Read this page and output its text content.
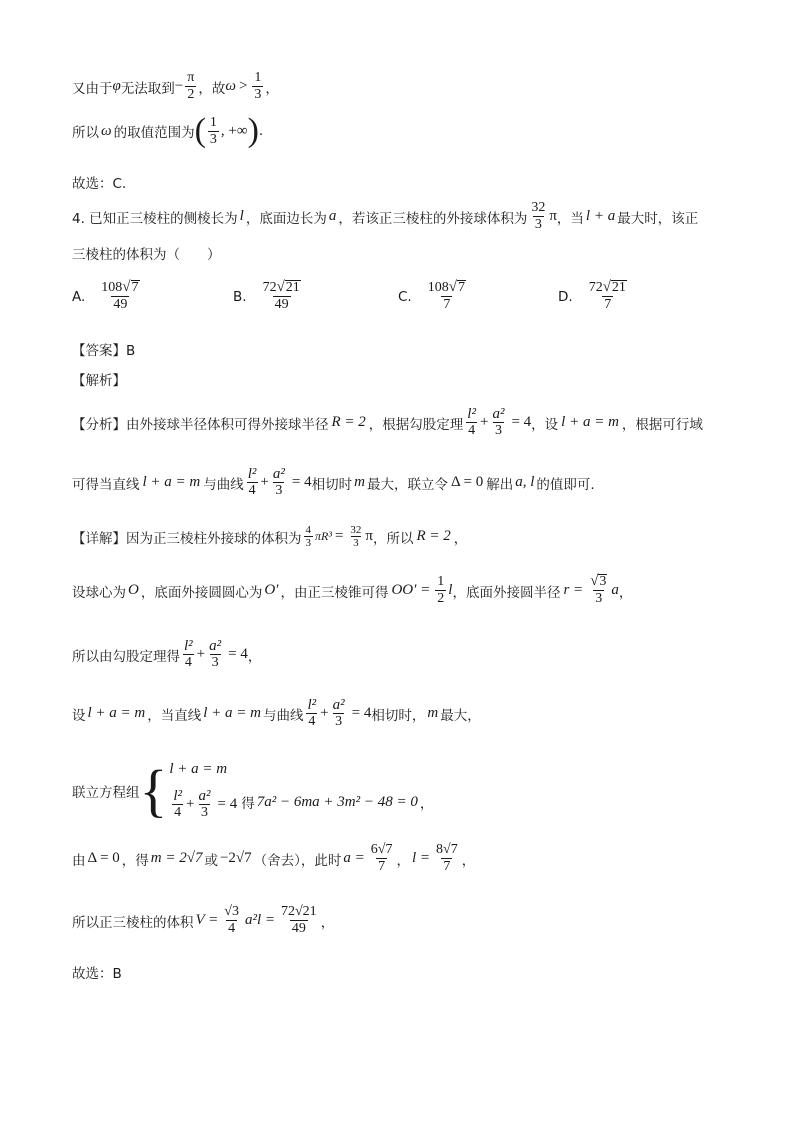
又由于 φ 无法取到 − $\frac{\pi}{2}$ ，故 $\omega > \frac{1}{3}$ ，
所以 ω 的取值范围为 ( $\frac{1}{3}$ , +∞ ) .
故选：C.
4. 已知正三棱柱的侧棱长为 l ，底面边长为 a ，若该正三棱柱的外接球体积为 $\frac{32}{3}$ π ，当 l + a 最大时，该正
三棱柱的体积为（　　）
A. $\frac{108 √ 7}{49}$	B. $\frac{72 √ 21}{49}$	C. $\frac{108 √ 7}{7}$	D. $\frac{72 √ 21}{7}$
【答案】B
【解析】
【分析】由外接球半径体积可得外接球半径 R = 2 ，根据勾股定理 $\frac{\text{l²}}{4} + \frac{\text{a²}}{3} = 4$ ，设 l + a = m ，根据可行域
可得当直线 l + a = m 与曲线 $\frac{\text{l²}}{4} + \frac{\text{a²}}{3} = 4$ 相切时 m 最大，联立令 Δ = 0 解出 a, l 的值即可.
【详解】因为正三棱柱外接球的体积为 $\frac{4}{3} \pi R^3 = \frac{32}{3}$ π ，所以 R = 2 ，
设球心为 O ，底面外接圆圆心为 O′ ，由正三棱锥可得 $OO' = \frac{1}{2}$ l ，底面外接圆半径 $r = \frac{√ 3}{3}$ a ，
所以由勾股定理得 $\frac{\text{l²}}{4} + \frac{\text{a²}}{3} = 4$ ，
设 l + a = m ，当直线 l + a = m 与曲线 $\frac{\text{l²}}{4} + \frac{\text{a²}}{3} = 4$ 相切时， m 最大，
联立方程组 { l + a = m
$\frac{\text{l²}}{4} + \frac{\text{a²}}{3} = 4$ 得 7a² − 6ma + 3m² − 48 = 0 ，
由 Δ = 0 ，得 m = 2√7 或 −2√7 （舍去），此时 $a = \frac{6√7}{7}$ ， $l = \frac{8√7}{7}$ ，
所以正三棱柱的体积 $V = \frac{√3}{4} a^2l = \frac{72√21}{49}$ ，
故选：B
